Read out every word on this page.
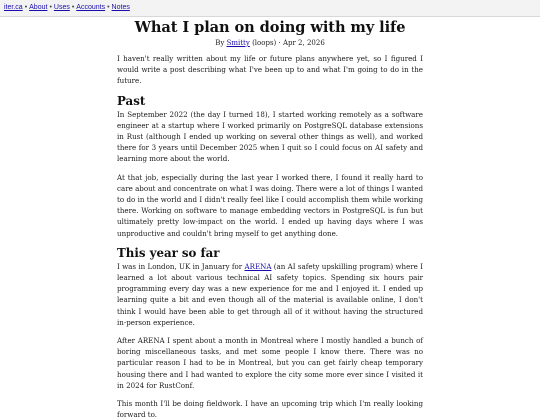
iter.ca • About • Uses • Accounts • Notes
What I plan on doing with my life
By Smitty (loops) · Apr 2, 2026

I haven't really written about my life or future plans anywhere yet, so I figured I would write a post describing what I've been up to and what I'm going to do in the future.

Past

In September 2022 (the day I turned 18), I started working remotely as a software engineer at a startup where I worked primarily on PostgreSQL database extensions in Rust (although I ended up working on several other things as well), and worked there for 3 years until December 2025 when I quit so I could focus on AI safety and learning more about the world.

At that job, especially during the last year I worked there, I found it really hard to care about and concentrate on what I was doing. There were a lot of things I wanted to do in the world and I didn't really feel like I could accomplish them while working there. Working on software to manage embedding vectors in PostgreSQL is fun but ultimately pretty low-impact on the world. I ended up having days where I was unproductive and couldn't bring myself to get anything done.

This year so far

I was in London, UK in January for ARENA (an AI safety upskilling program) where I learned a lot about various technical AI safety topics. Spending six hours pair programming every day was a new experience for me and I enjoyed it. I ended up learning quite a bit and even though all of the material is available online, I don't think I would have been able to get through all of it without having the structured in-person experience.

After ARENA I spent about a month in Montreal where I mostly handled a bunch of boring miscellaneous tasks, and met some people I know there. There was no particular reason I had to be in Montreal, but you can get fairly cheap temporary housing there and I had wanted to explore the city some more ever since I visited it in 2024 for RustConf.

This month I'll be doing fieldwork. I have an upcoming trip which I'm really looking forward to.
